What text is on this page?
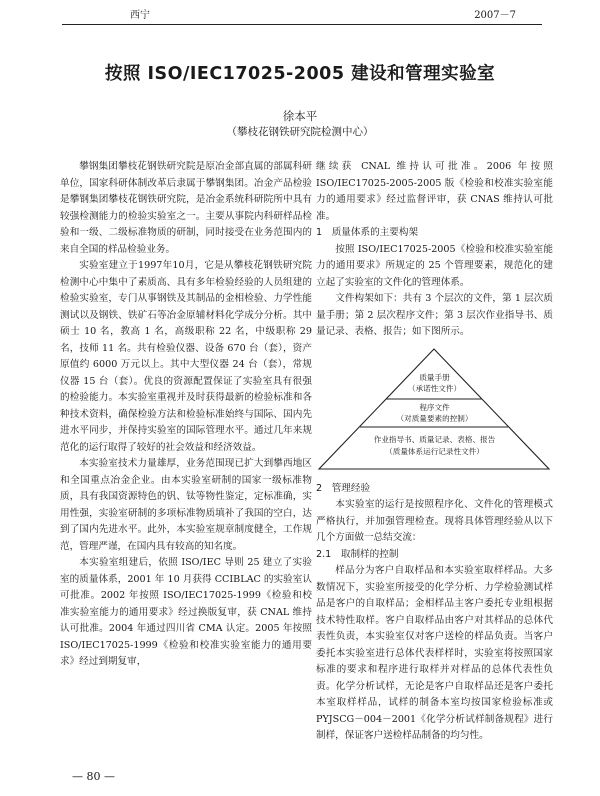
西宁	2007－7
按照 ISO/IEC17025-2005 建设和管理实验室
徐本平
（攀枝花钢铁研究院检测中心）

攀钢集团攀枝花钢铁研究院是原冶金部直属的部属科研单位，国家科研体制改革后隶属于攀钢集团。冶金产品检验是攀钢集团攀枝花钢铁研究院，是冶金系统科研院所中具有较强检测能力的检验实验室之一。主要从事院内科研样品检验和一级、二级标准物质的研制，同时接受在业务范围内的来自全国的样品检验业务。

实验室建立于1997年10月，它是从攀枝花钢铁研究院检测中心中集中了素质高、具有多年检验经验的人员组建的检验实验室，专门从事钢铁及其制品的金相检验、力学性能测试以及钢铁、铁矿石等冶金原辅材料化学成分分析。其中硕士 10 名，教高 1 名，高级职称 22 名，中级职称 29 名，技师 11 名。共有检验仪器、设备 670 台（套），资产原值约 6000 万元以上。其中大型仪器 24 台（套），常规仪器 15 台（套）。优良的资源配置保证了实验室具有很强的检验能力。本实验室重视并及时获得最新的检验标准和各种技术资料，确保检验方法和检验标准始终与国际、国内先进水平同步，并保持实验室的国际管理水平。通过几年来规范化的运行取得了较好的社会效益和经济效益。

本实验室技术力量雄厚，业务范围现已扩大到攀西地区和全国重点冶金企业。由本实验室研制的国家一级标准物质，具有我国资源特色的钒、钛等物性鉴定，定标准确，实用性强，实验室研制的多项标准物质填补了我国的空白，达到了国内先进水平。此外，本实验室规章制度健全，工作规范，管理严谨，在国内具有较高的知名度。

本实验室组建后，依照 ISO/IEC 导则 25 建立了实验室的质量体系，2001 年 10 月获得 CCIBLAC 的实验室认可批准。2002 年按照 ISO/IEC17025-1999《检验和校准实验室能力的通用要求》经过换版复审，获 CNAL 维持认可批准。2004 年通过四川省 CMA 认定。2005 年按照 ISO/IEC17025-1999《检验和校准实验室能力的通用要求》经过到期复审，

继续获 CNAL 维持认可批准。2006 年按照 ISO/IEC17025-2005-2005 版《检验和校准实验室能力的通用要求》经过监督评审，获 CNAS 维持认可批准。

1　质量体系的主要构架

按照 ISO/IEC17025-2005《检验和校准实验室能力的通用要求》所规定的 25 个管理要素，规范化的建立起了实验室的文件化的管理体系。

文件构架如下：共有 3 个层次的文件，第 1 层次质量手册；第 2 层次程序文件；第 3 层次作业指导书、质量记录、表格、报告；如下图所示。

质量手册
（承诺性文件）
程序文件
（对质量要素的控制）
作业指导书、质量记录、表格、报告
（质量体系运行记录性文件）
2　管理经验

本实验室的运行是按照程序化、文件化的管理模式严格执行，并加强管理检查。现将具体管理经验从以下几个方面做一总结交流：

2.1　取制样的控制

样品分为客户自取样品和本实验室取样样品。大多数情况下，实验室所接受的化学分析、力学检验测试样品是客户的自取样品；金相样品主客户委托专业组根据技术特性取样。客户自取样品由客户对其样品的总体代表性负责，本实验室仅对客户送检的样品负责。当客户委托本实验室进行总体代表样样时，实验室将按照国家标准的要求和程序进行取样并对样品的总体代表性负责。化学分析试样，无论是客户自取样品还是客户委托本室取样样品，试样的制备本室均按国家检验标准或 PYJSCG－004－2001《化学分析试样制备规程》进行制样，保证客户送检样品制备的均匀性。

— 80 —
